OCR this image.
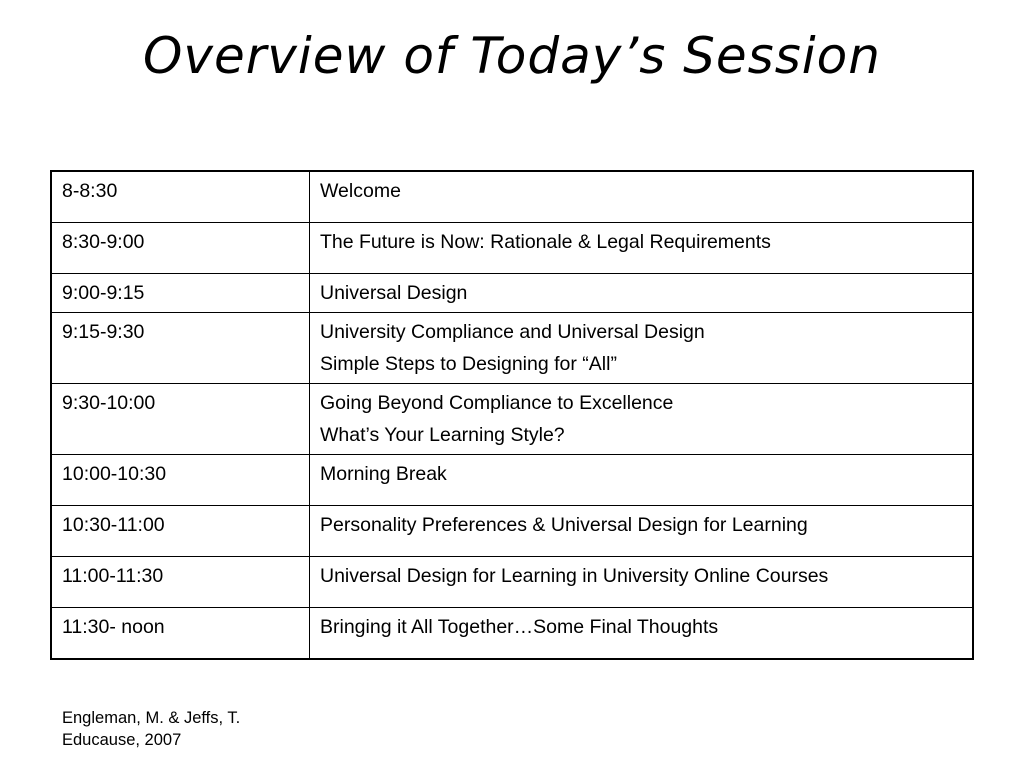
Overview of Today’s Session
8-8:30	Welcome

8:30-9:00	The Future is Now: Rationale & Legal Requirements

9:00-9:15	Universal Design

9:15-9:30	University Compliance and Universal Design
Simple Steps to Designing for “All”

9:30-10:00	Going Beyond Compliance to Excellence
What’s Your Learning Style?

10:00-10:30	Morning Break

10:30-11:00	Personality Preferences & Universal Design for Learning

11:00-11:30	Universal Design for Learning in University Online Courses

11:30- noon	Bringing it All Together…Some Final Thoughts
Engleman, M. & Jeffs, T.
Educause, 2007
